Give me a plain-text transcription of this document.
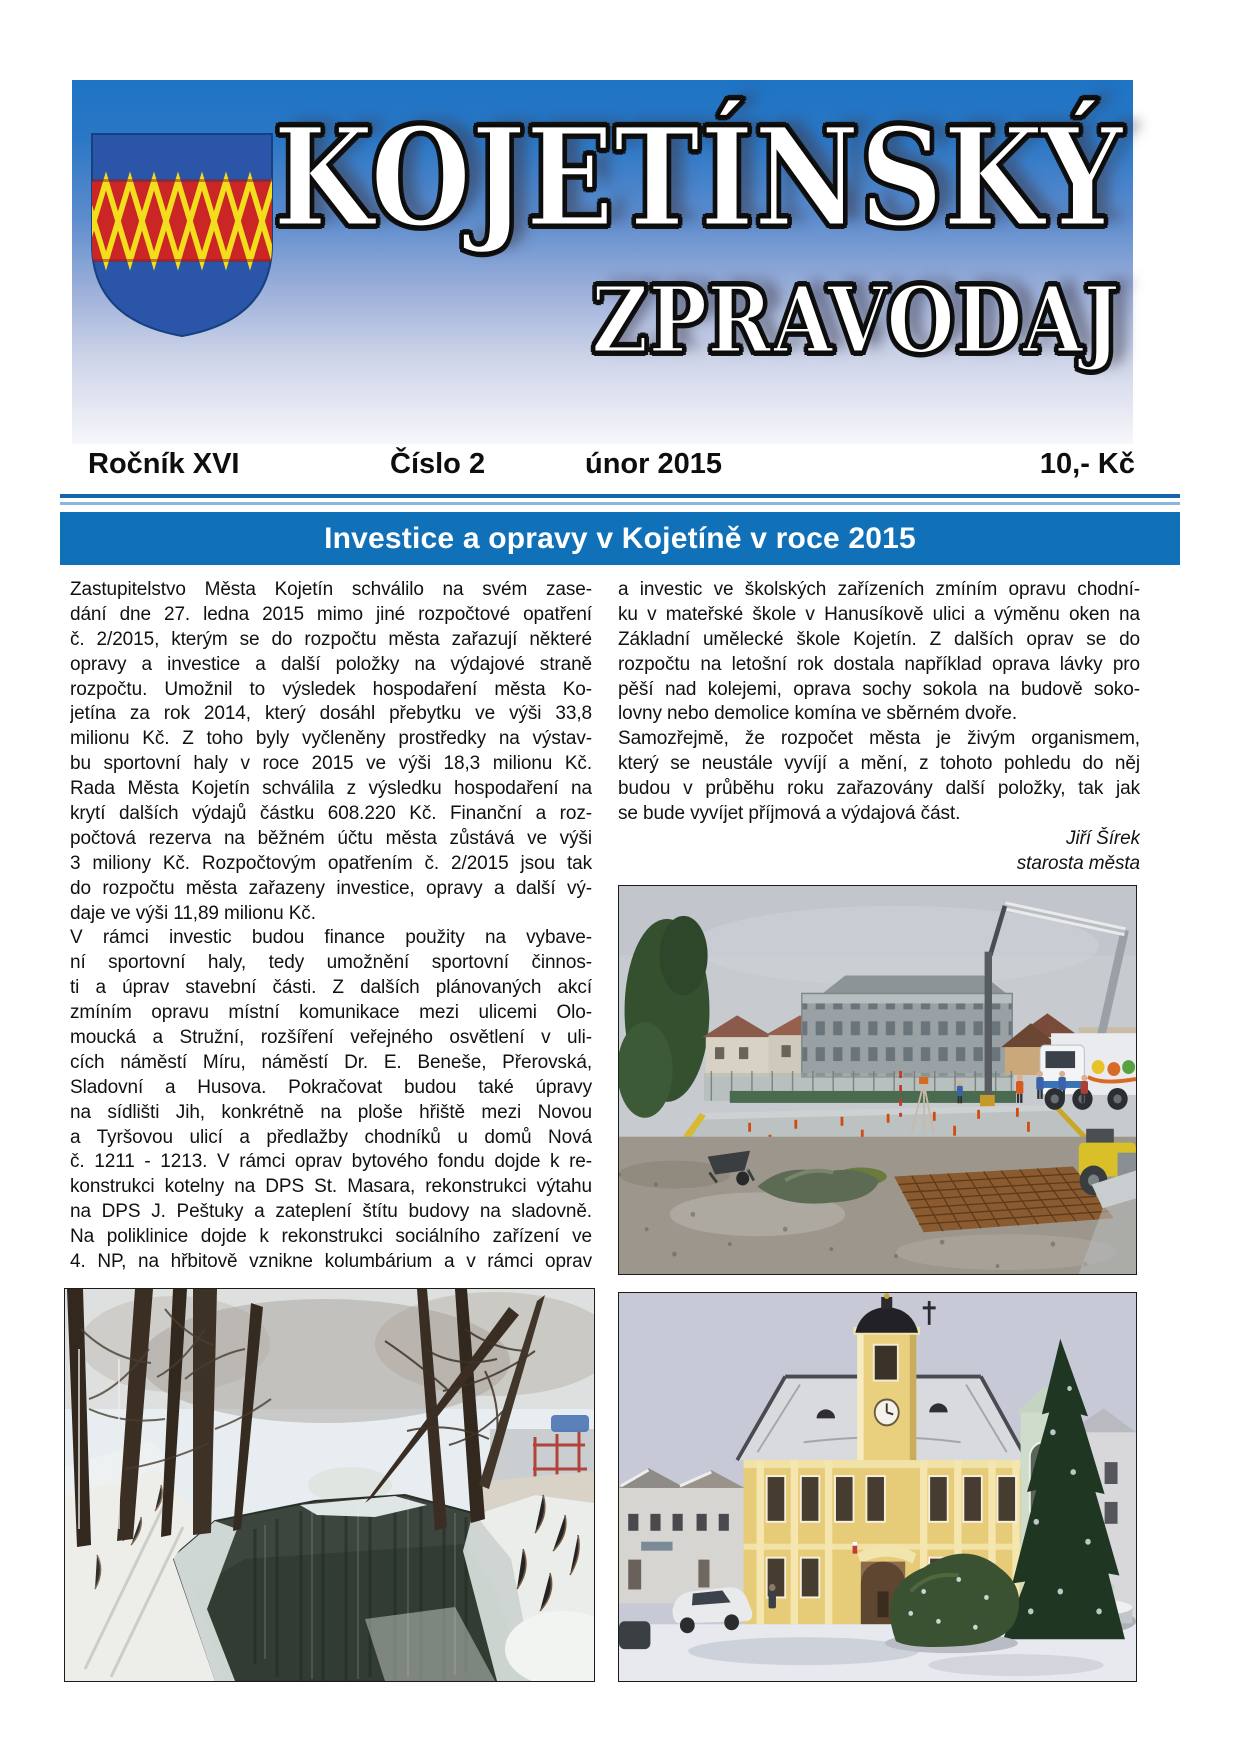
KOJETÍNSKÝ
ZPRAVODAJ
Ročník XVI	Číslo 2	únor 2015	10,- Kč
Investice a opravy v Kojetíně v roce 2015
Zastupitelstvo Města Kojetín schválilo na svém zase-
dání dne 27. ledna 2015 mimo jiné rozpočtové opatření
č. 2/2015, kterým se do rozpočtu města zařazují některé
opravy a investice a další položky na výdajové straně
rozpočtu. Umožnil to výsledek hospodaření města Ko-
jetína za rok 2014, který dosáhl přebytku ve výši 33,8
milionu Kč. Z toho byly vyčleněny prostředky na výstav-
bu sportovní haly v roce 2015 ve výši 18,3 milionu Kč.
Rada Města Kojetín schválila z výsledku hospodaření na
krytí dalších výdajů částku 608.220 Kč. Finanční a roz-
počtová rezerva na běžném účtu města zůstává ve výši
3 miliony Kč. Rozpočtovým opatřením č. 2/2015 jsou tak
do rozpočtu města zařazeny investice, opravy a další vý-
daje ve výši 11,89 milionu Kč.
V rámci investic budou finance použity na vybave-
ní sportovní haly, tedy umožnění sportovní činnos-
ti a úprav stavební části. Z dalších plánovaných akcí
zmíním opravu místní komunikace mezi ulicemi Olo-
moucká a Stružní, rozšíření veřejného osvětlení v uli-
cích náměstí Míru, náměstí Dr. E. Beneše, Přerovská,
Sladovní a Husova. Pokračovat budou také úpravy
na sídlišti Jih, konkrétně na ploše hřiště mezi Novou
a Tyršovou ulicí a předlažby chodníků u domů Nová
č. 1211 - 1213. V rámci oprav bytového fondu dojde k re-
konstrukci kotelny na DPS St. Masara, rekonstrukci výtahu
na DPS J. Peštuky a zateplení štítu budovy na sladovně.
Na poliklinice dojde k rekonstrukci sociálního zařízení ve
4. NP, na hřbitově vznikne kolumbárium a v rámci oprav
a investic ve školských zařízeních zmíním opravu chodní-
ku v mateřské škole v Hanusíkově ulici a výměnu oken na
Základní umělecké škole Kojetín. Z dalších oprav se do
rozpočtu na letošní rok dostala například oprava lávky pro
pěší nad kolejemi, oprava sochy sokola na budově soko-
lovny nebo demolice komína ve sběrném dvoře.
Samozřejmě, že rozpočet města je živým organismem,
který se neustále vyvíjí a mění, z tohoto pohledu do něj
budou v průběhu roku zařazovány další položky, tak jak
se bude vyvíjet příjmová a výdajová část.
Jiří Šírek
starosta města
